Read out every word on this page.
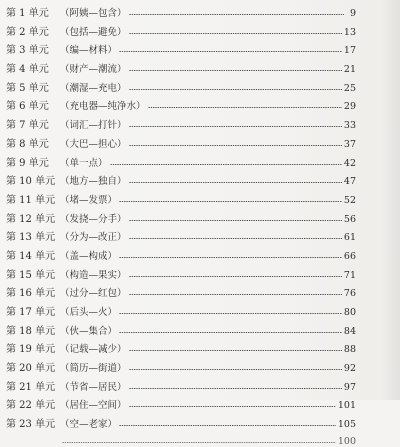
第 1 单元	（阿姨—包含）	9
第 2 单元	（包括—避免）	13
第 3 单元	（编—材料）	17
第 4 单元	（财产—潮流）	21
第 5 单元	（潮湿—充电）	25
第 6 单元	（充电器—纯净水）	29
第 7 单元	（词汇—打针）	33
第 8 单元	（大巴—担心）	37
第 9 单元	（单一点）	42
第 10 单元 （地方—独自）	47
第 11 单元 （堵—发票）	52
第 12 单元 （发挠—分手）	56
第 13 单元 （分为—改正）	61
第 14 单元 （盖—构成）	66
第 15 单元 （构造—果实）	71
第 16 单元 （过分—红包）	76
第 17 单元 （后头—火）	80
第 18 单元 （伙—集合）	84
第 19 单元 （记载—减少）	88
第 20 单元 （简历—街道）	92
第 21 单元 （节省—居民）	97
第 22 单元 （居住—空间）	101
第 23 单元 （空—老家）	105
100
